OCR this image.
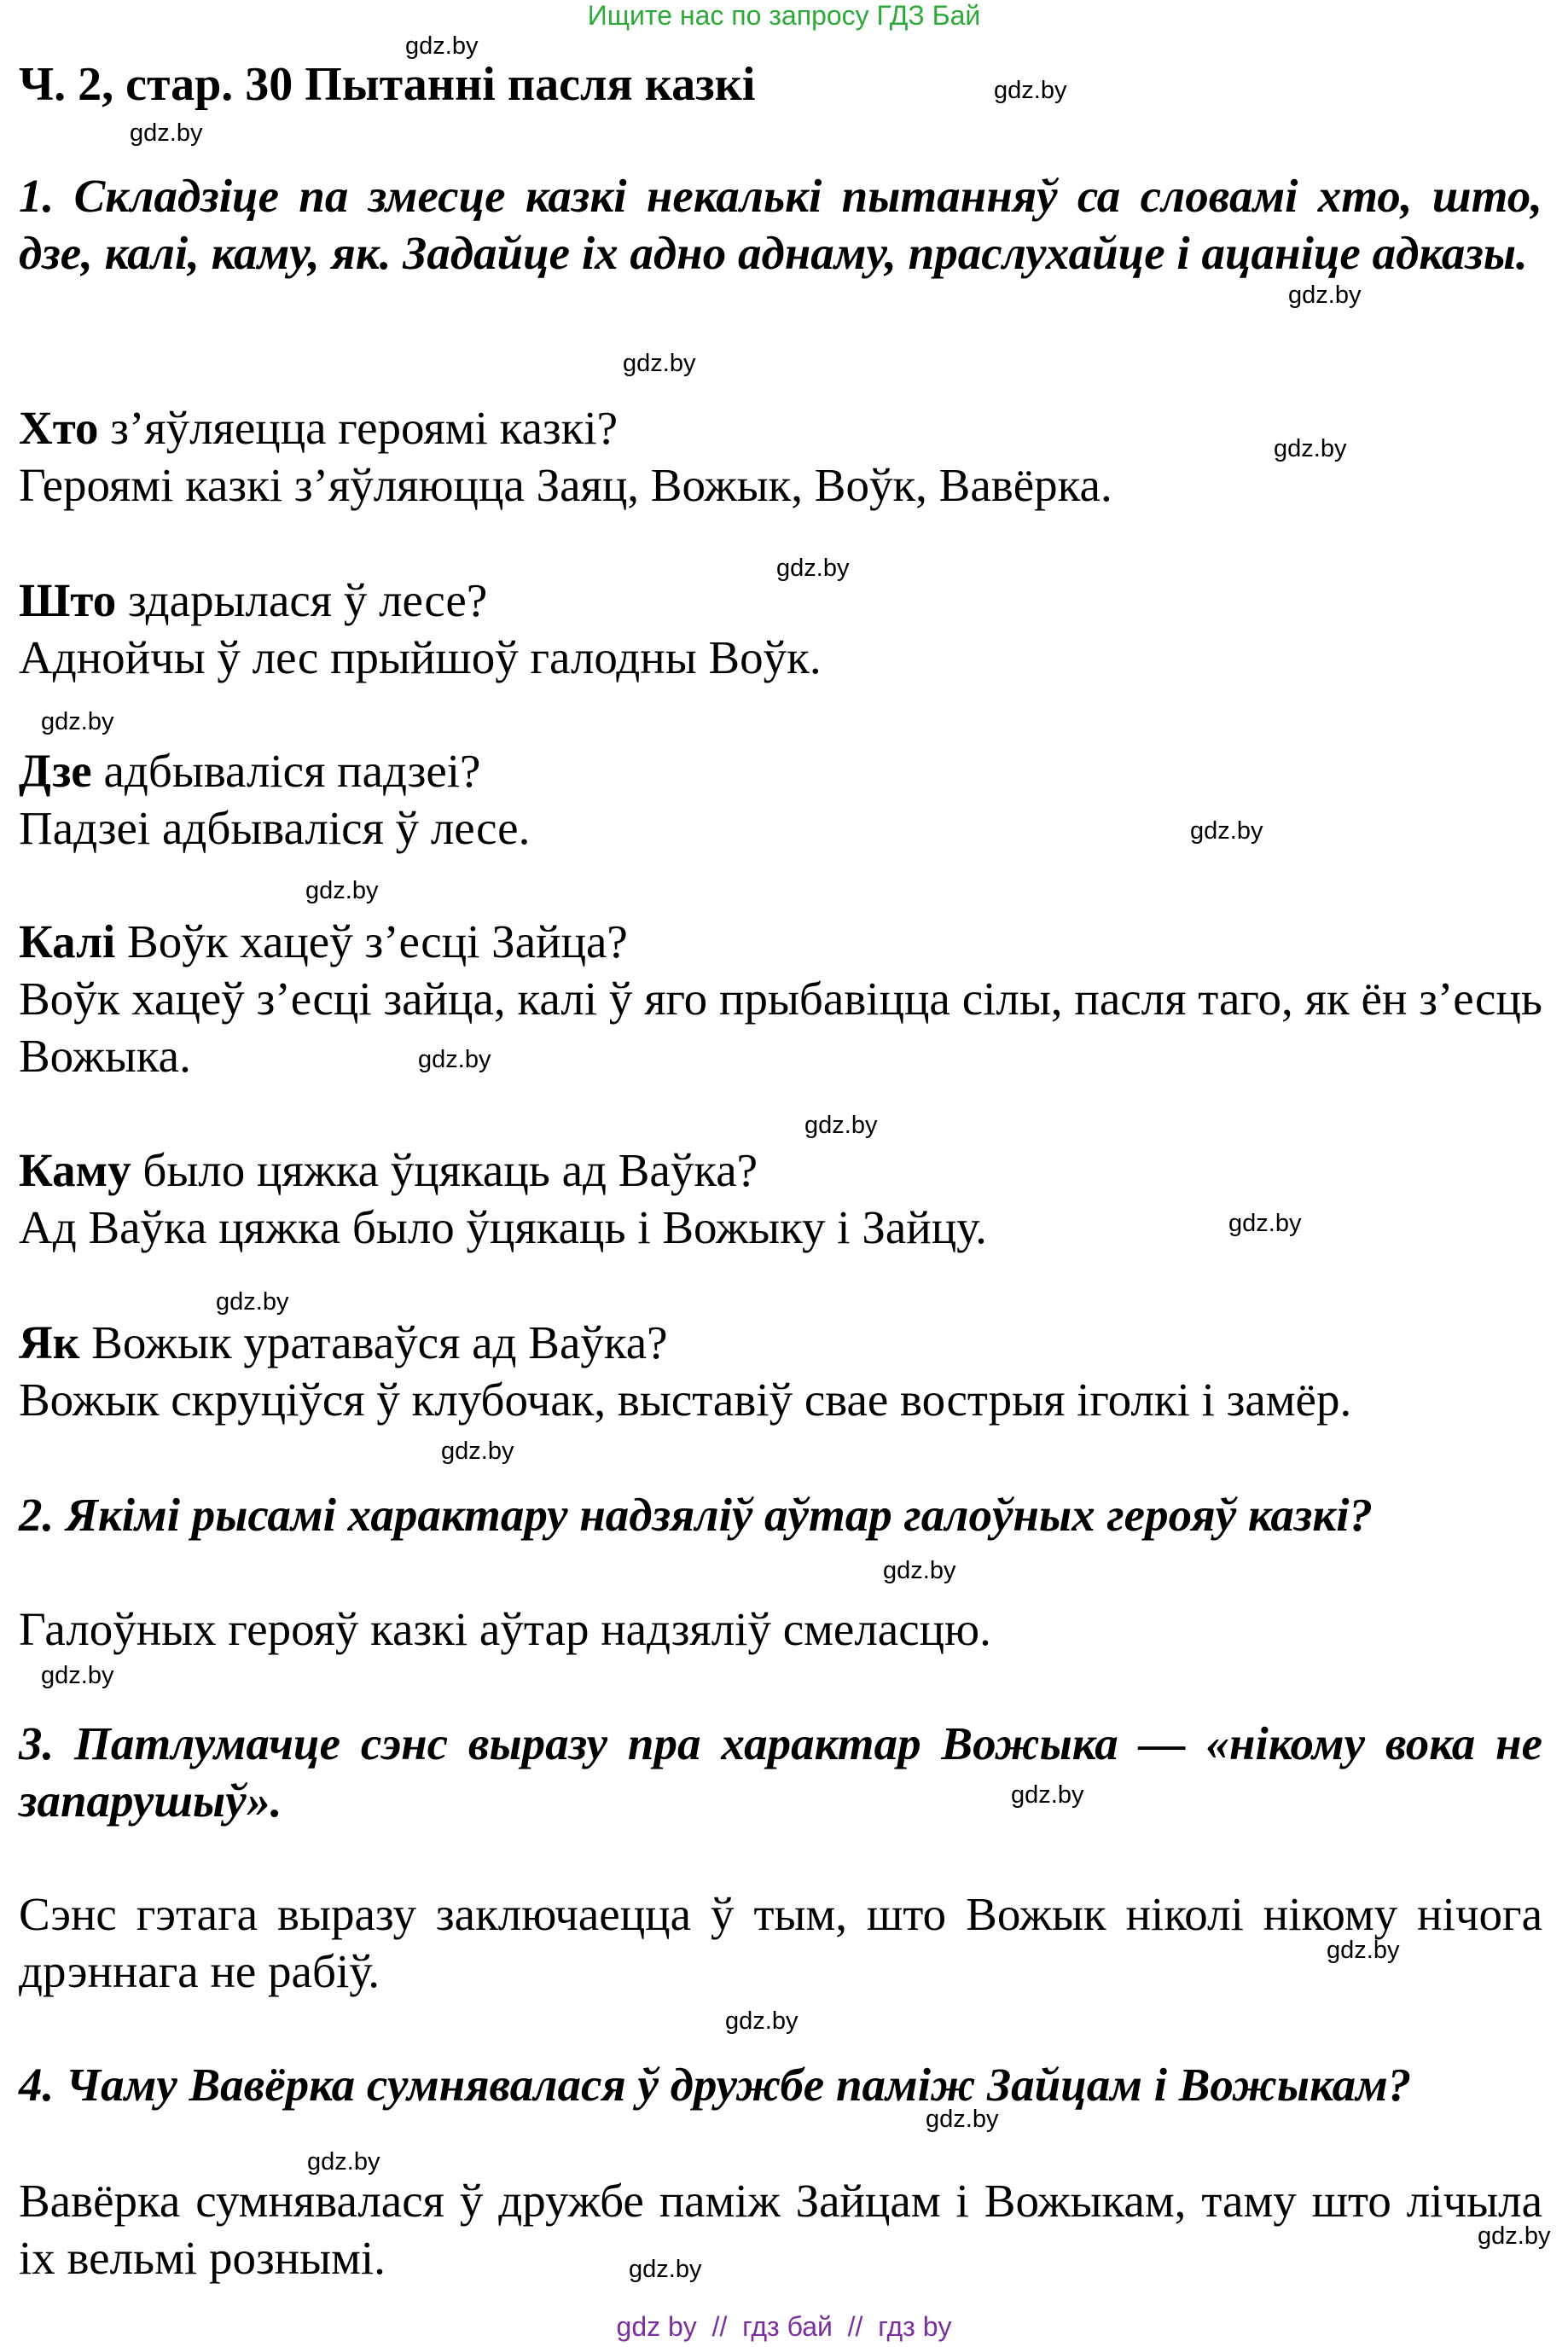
Ищите нас по запросу ГДЗ Бай
Ч. 2, стар. 30 Пытанні пасля казкі
1. Складзіце па змесце казкі некалькі пытанняў са словамі хто, што, дзе, калі, каму, як. Задайце іх адно аднаму, праслухайце і ацаніце адказы.
Хто з’яўляецца героямі казкі?
Героямі казкі з’яўляюцца Заяц, Вожык, Воўк, Вавёрка.
Што здарылася ў лесе?
Аднойчы ў лес прыйшоў галодны Воўк.
Дзе адбываліся падзеі?
Падзеі адбываліся ў лесе.
Калі Воўк хацеў з’есці Зайца?
Воўк хацеў з’есці зайца, калі ў яго прыбавіцца сілы, пасля таго, як ён з’есць Вожыка.
Каму было цяжка ўцякаць ад Ваўка?
Ад Ваўка цяжка было ўцякаць і Вожыку і Зайцу.
Як Вожык уратаваўся ад Ваўка?
Вожык скруціўся ў клубочак, выставіў свае вострыя іголкі і замёр.
2. Якімі рысамі характару надзяліў аўтар галоўных герояў казкі?
Галоўных герояў казкі аўтар надзяліў смеласцю.
3. Патлумачце сэнс выразу пра характар Вожыка — «нікому вока не запарушыў».
Сэнс гэтага выразу заключаецца ў тым, што Вожык ніколі нікому нічога дрэннага не рабіў.
4. Чаму Вавёрка сумнявалася ў дружбе паміж Зайцам і Вожыкам?
Вавёрка сумнявалася ў дружбе паміж Зайцам і Вожыкам, таму што лічыла іх вельмі рознымі.
gdz.by
gdz.by
gdz.by
gdz.by
gdz.by
gdz.by
gdz.by
gdz.by
gdz.by
gdz.by
gdz.by
gdz.by
gdz.by
gdz.by
gdz.by
gdz.by
gdz.by
gdz.by
gdz.by
gdz.by
gdz.by
gdz.by
gdz.by
gdz.by
gdz by  //  гдз бай  //  гдз by
